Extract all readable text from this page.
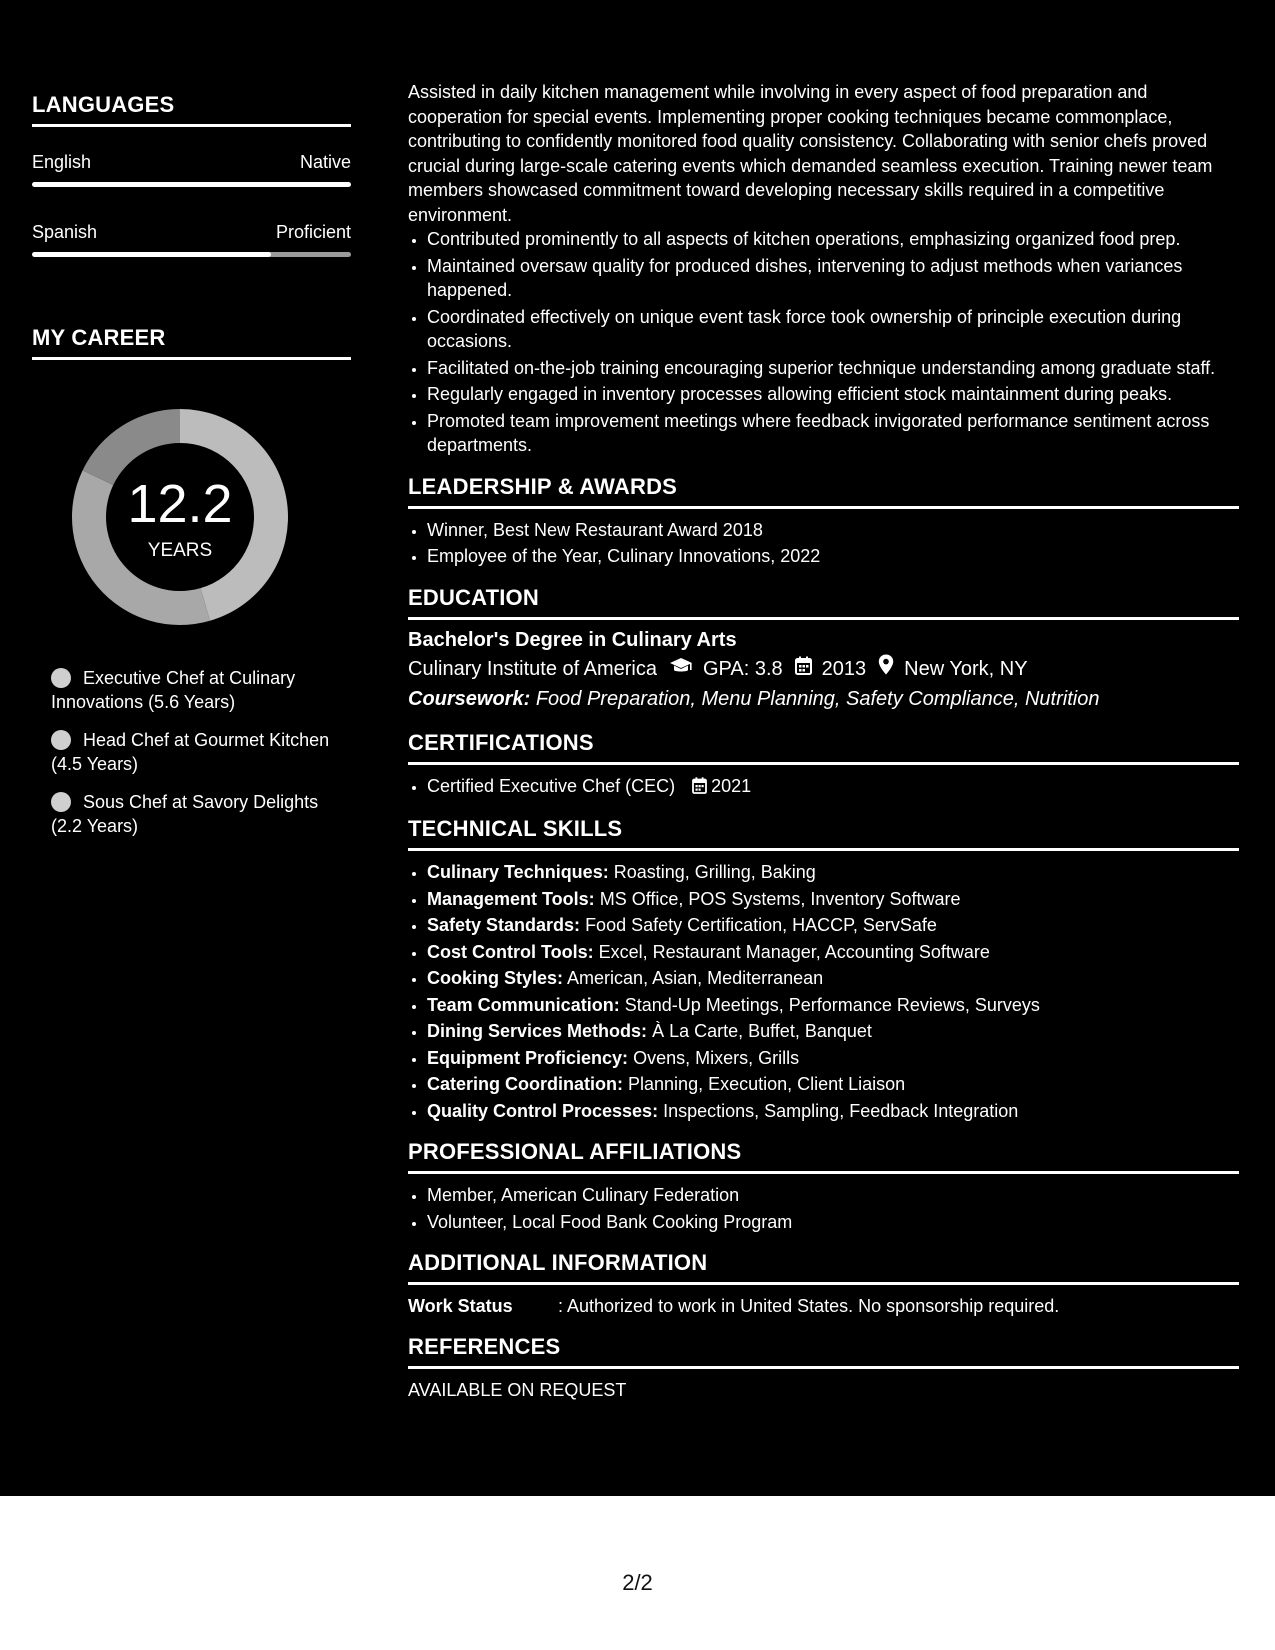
LANGUAGES
English	Native
Spanish	Proficient
MY CAREER
12.2
YEARS
Executive Chef at Culinary Innovations (5.6 Years)
Head Chef at Gourmet Kitchen (4.5 Years)
Sous Chef at Savory Delights (2.2 Years)

Assisted in daily kitchen management while involving in every aspect of food preparation and cooperation for special events. Implementing proper cooking techniques became commonplace, contributing to confidently monitored food quality consistency. Collaborating with senior chefs proved crucial during large-scale catering events which demanded seamless execution. Training newer team members showcased commitment toward developing necessary skills required in a competitive environment.

• Contributed prominently to all aspects of kitchen operations, emphasizing organized food prep.
• Maintained oversaw quality for produced dishes, intervening to adjust methods when variances happened.
• Coordinated effectively on unique event task force took ownership of principle execution during occasions.
• Facilitated on-the-job training encouraging superior technique understanding among graduate staff.
• Regularly engaged in inventory processes allowing efficient stock maintainment during peaks.
• Promoted team improvement meetings where feedback invigorated performance sentiment across departments.
LEADERSHIP & AWARDS
• Winner, Best New Restaurant Award 2018
• Employee of the Year, Culinary Innovations, 2022
EDUCATION
Bachelor's Degree in Culinary Arts
Culinary Institute of America GPA: 3.8 2013 New York, NY
Coursework: Food Preparation, Menu Planning, Safety Compliance, Nutrition
CERTIFICATIONS
• Certified Executive Chef (CEC) 2021
TECHNICAL SKILLS
• Culinary Techniques: Roasting, Grilling, Baking
• Management Tools: MS Office, POS Systems, Inventory Software
• Safety Standards: Food Safety Certification, HACCP, ServSafe
• Cost Control Tools: Excel, Restaurant Manager, Accounting Software
• Cooking Styles: American, Asian, Mediterranean
• Team Communication: Stand-Up Meetings, Performance Reviews, Surveys
• Dining Services Methods: À La Carte, Buffet, Banquet
• Equipment Proficiency: Ovens, Mixers, Grills
• Catering Coordination: Planning, Execution, Client Liaison
• Quality Control Processes: Inspections, Sampling, Feedback Integration
PROFESSIONAL AFFILIATIONS
• Member, American Culinary Federation
• Volunteer, Local Food Bank Cooking Program
ADDITIONAL INFORMATION
Work Status	: Authorized to work in United States. No sponsorship required.
REFERENCES
AVAILABLE ON REQUEST
2/2
